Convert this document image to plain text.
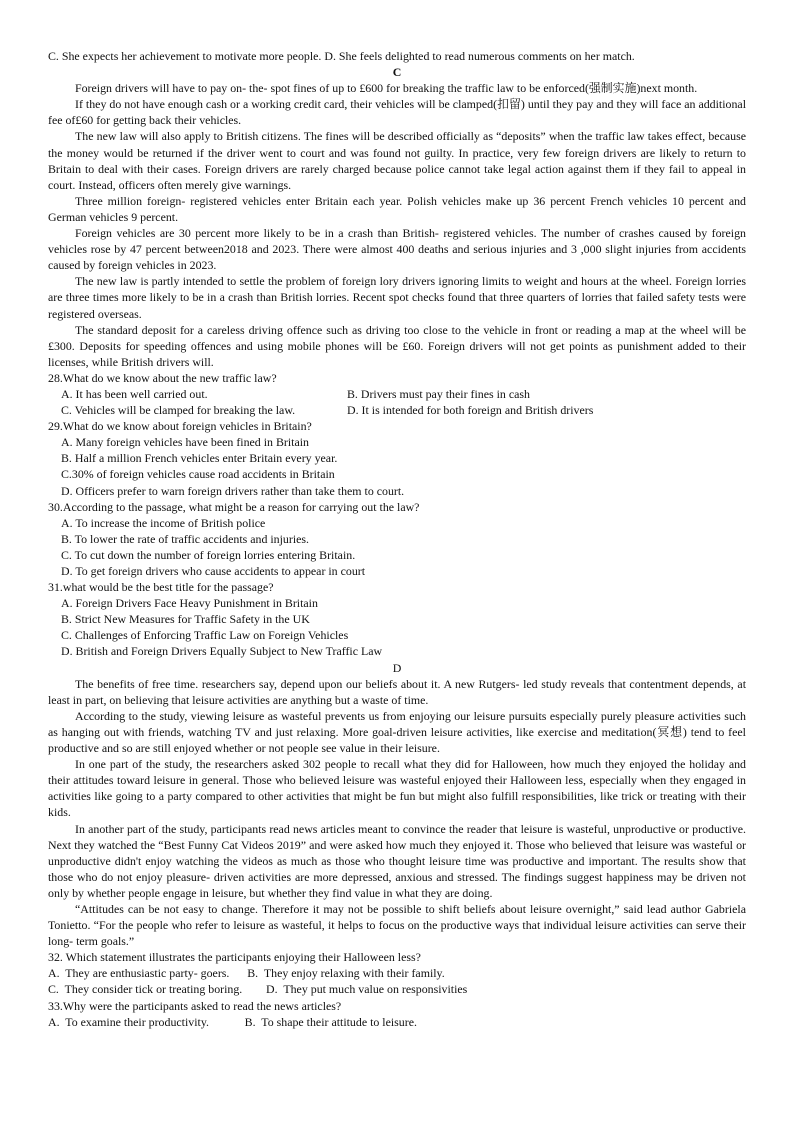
C. She expects her achievement to motivate more people. D. She feels delighted to read numerous comments on her match.

C

Foreign drivers will have to pay on- the- spot fines of up to £600 for breaking the traffic law to be enforced(强制实施)next month.

If they do not have enough cash or a working credit card, their vehicles will be clamped(扣留) until they pay and they will face an additional fee of£60 for getting back their vehicles.

The new law will also apply to British citizens. The fines will be described officially as “deposits” when the traffic law takes effect, because the money would be returned if the driver went to court and was found not guilty. In practice, very few foreign drivers are likely to return to Britain to deal with their cases. Foreign drivers are rarely charged because police cannot take legal action against them if they fail to appeal in court. Instead, officers often merely give warnings.

Three million foreign- registered vehicles enter Britain each year. Polish vehicles make up 36 percent French vehicles 10 percent and German vehicles 9 percent.

Foreign vehicles are 30 percent more likely to be in a crash than British- registered vehicles. The number of crashes caused by foreign vehicles rose by 47 percent between2018 and 2023. There were almost 400 deaths and serious injuries and 3 ,000 slight injuries from accidents caused by foreign vehicles in 2023.

The new law is partly intended to settle the problem of foreign lory drivers ignoring limits to weight and hours at the wheel. Foreign lorries are three times more likely to be in a crash than British lorries. Recent spot checks found that three quarters of lorries that failed safety tests were registered overseas.

The standard deposit for a careless driving offence such as driving too close to the vehicle in front or reading a map at the wheel will be £300. Deposits for speeding offences and using mobile phones will be £60. Foreign drivers will not get points as punishment added to their licenses, while British drivers will.

28.What do we know about the new traffic law?

A. It has been well carried out.	B. Drivers must pay their fines in cash
C. Vehicles will be clamped for breaking the law.	D. It is intended for both foreign and British drivers

29.What do we know about foreign vehicles in Britain?

A. Many foreign vehicles have been fined in Britain

B. Half a million French vehicles enter Britain every year.

C.30% of foreign vehicles cause road accidents in Britain

D. Officers prefer to warn foreign drivers rather than take them to court.

30.According to the passage, what might be a reason for carrying out the law?

A. To increase the income of British police

B. To lower the rate of traffic accidents and injuries.

C. To cut down the number of foreign lorries entering Britain.

D. To get foreign drivers who cause accidents to appear in court

31.what would be the best title for the passage?

A. Foreign Drivers Face Heavy Punishment in Britain

B. Strict New Measures for Traffic Safety in the UK

C. Challenges of Enforcing Traffic Law on Foreign Vehicles

D. British and Foreign Drivers Equally Subject to New Traffic Law

D

The benefits of free time. researchers say, depend upon our beliefs about it. A new Rutgers- led study reveals that contentment depends, at least in part, on believing that leisure activities are anything but a waste of time.

According to the study, viewing leisure as wasteful prevents us from enjoying our leisure pursuits especially purely pleasure activities such as hanging out with friends, watching TV and just relaxing. More goal-driven leisure activities, like exercise and meditation(冥想) tend to feel productive and so are still enjoyed whether or not people see value in their leisure.

In one part of the study, the researchers asked 302 people to recall what they did for Halloween, how much they enjoyed the holiday and their attitudes toward leisure in general. Those who believed leisure was wasteful enjoyed their Halloween less, especially when they engaged in activities like going to a party compared to other activities that might be fun but might also fulfill responsibilities, like trick or treating with their kids.

In another part of the study, participants read news articles meant to convince the reader that leisure is wasteful, unproductive or productive. Next they watched the “Best Funny Cat Videos 2019” and were asked how much they enjoyed it. Those who believed that leisure was wasteful or unproductive didn't enjoy watching the videos as much as those who thought leisure time was productive and important. The results show that those who do not enjoy pleasure- driven activities are more depressed, anxious and stressed. The findings suggest happiness may be driven not only by whether people engage in leisure, but whether they find value in what they are doing.

“Attitudes can be not easy to change. Therefore it may not be possible to shift beliefs about leisure overnight,” said lead author Gabriela Tonietto. “For the people who refer to leisure as wasteful, it helps to focus on the productive ways that individual leisure activities can serve their long- term goals.”

32. Which statement illustrates the participants enjoying their Halloween less?

A.  They are enthusiastic party- goers.      B.  They enjoy relaxing with their family.

C.  They consider tick or treating boring.        D.  They put much value on responsivities

33.Why were the participants asked to read the news articles?

A.  To examine their productivity.            B.  To shape their attitude to leisure.
